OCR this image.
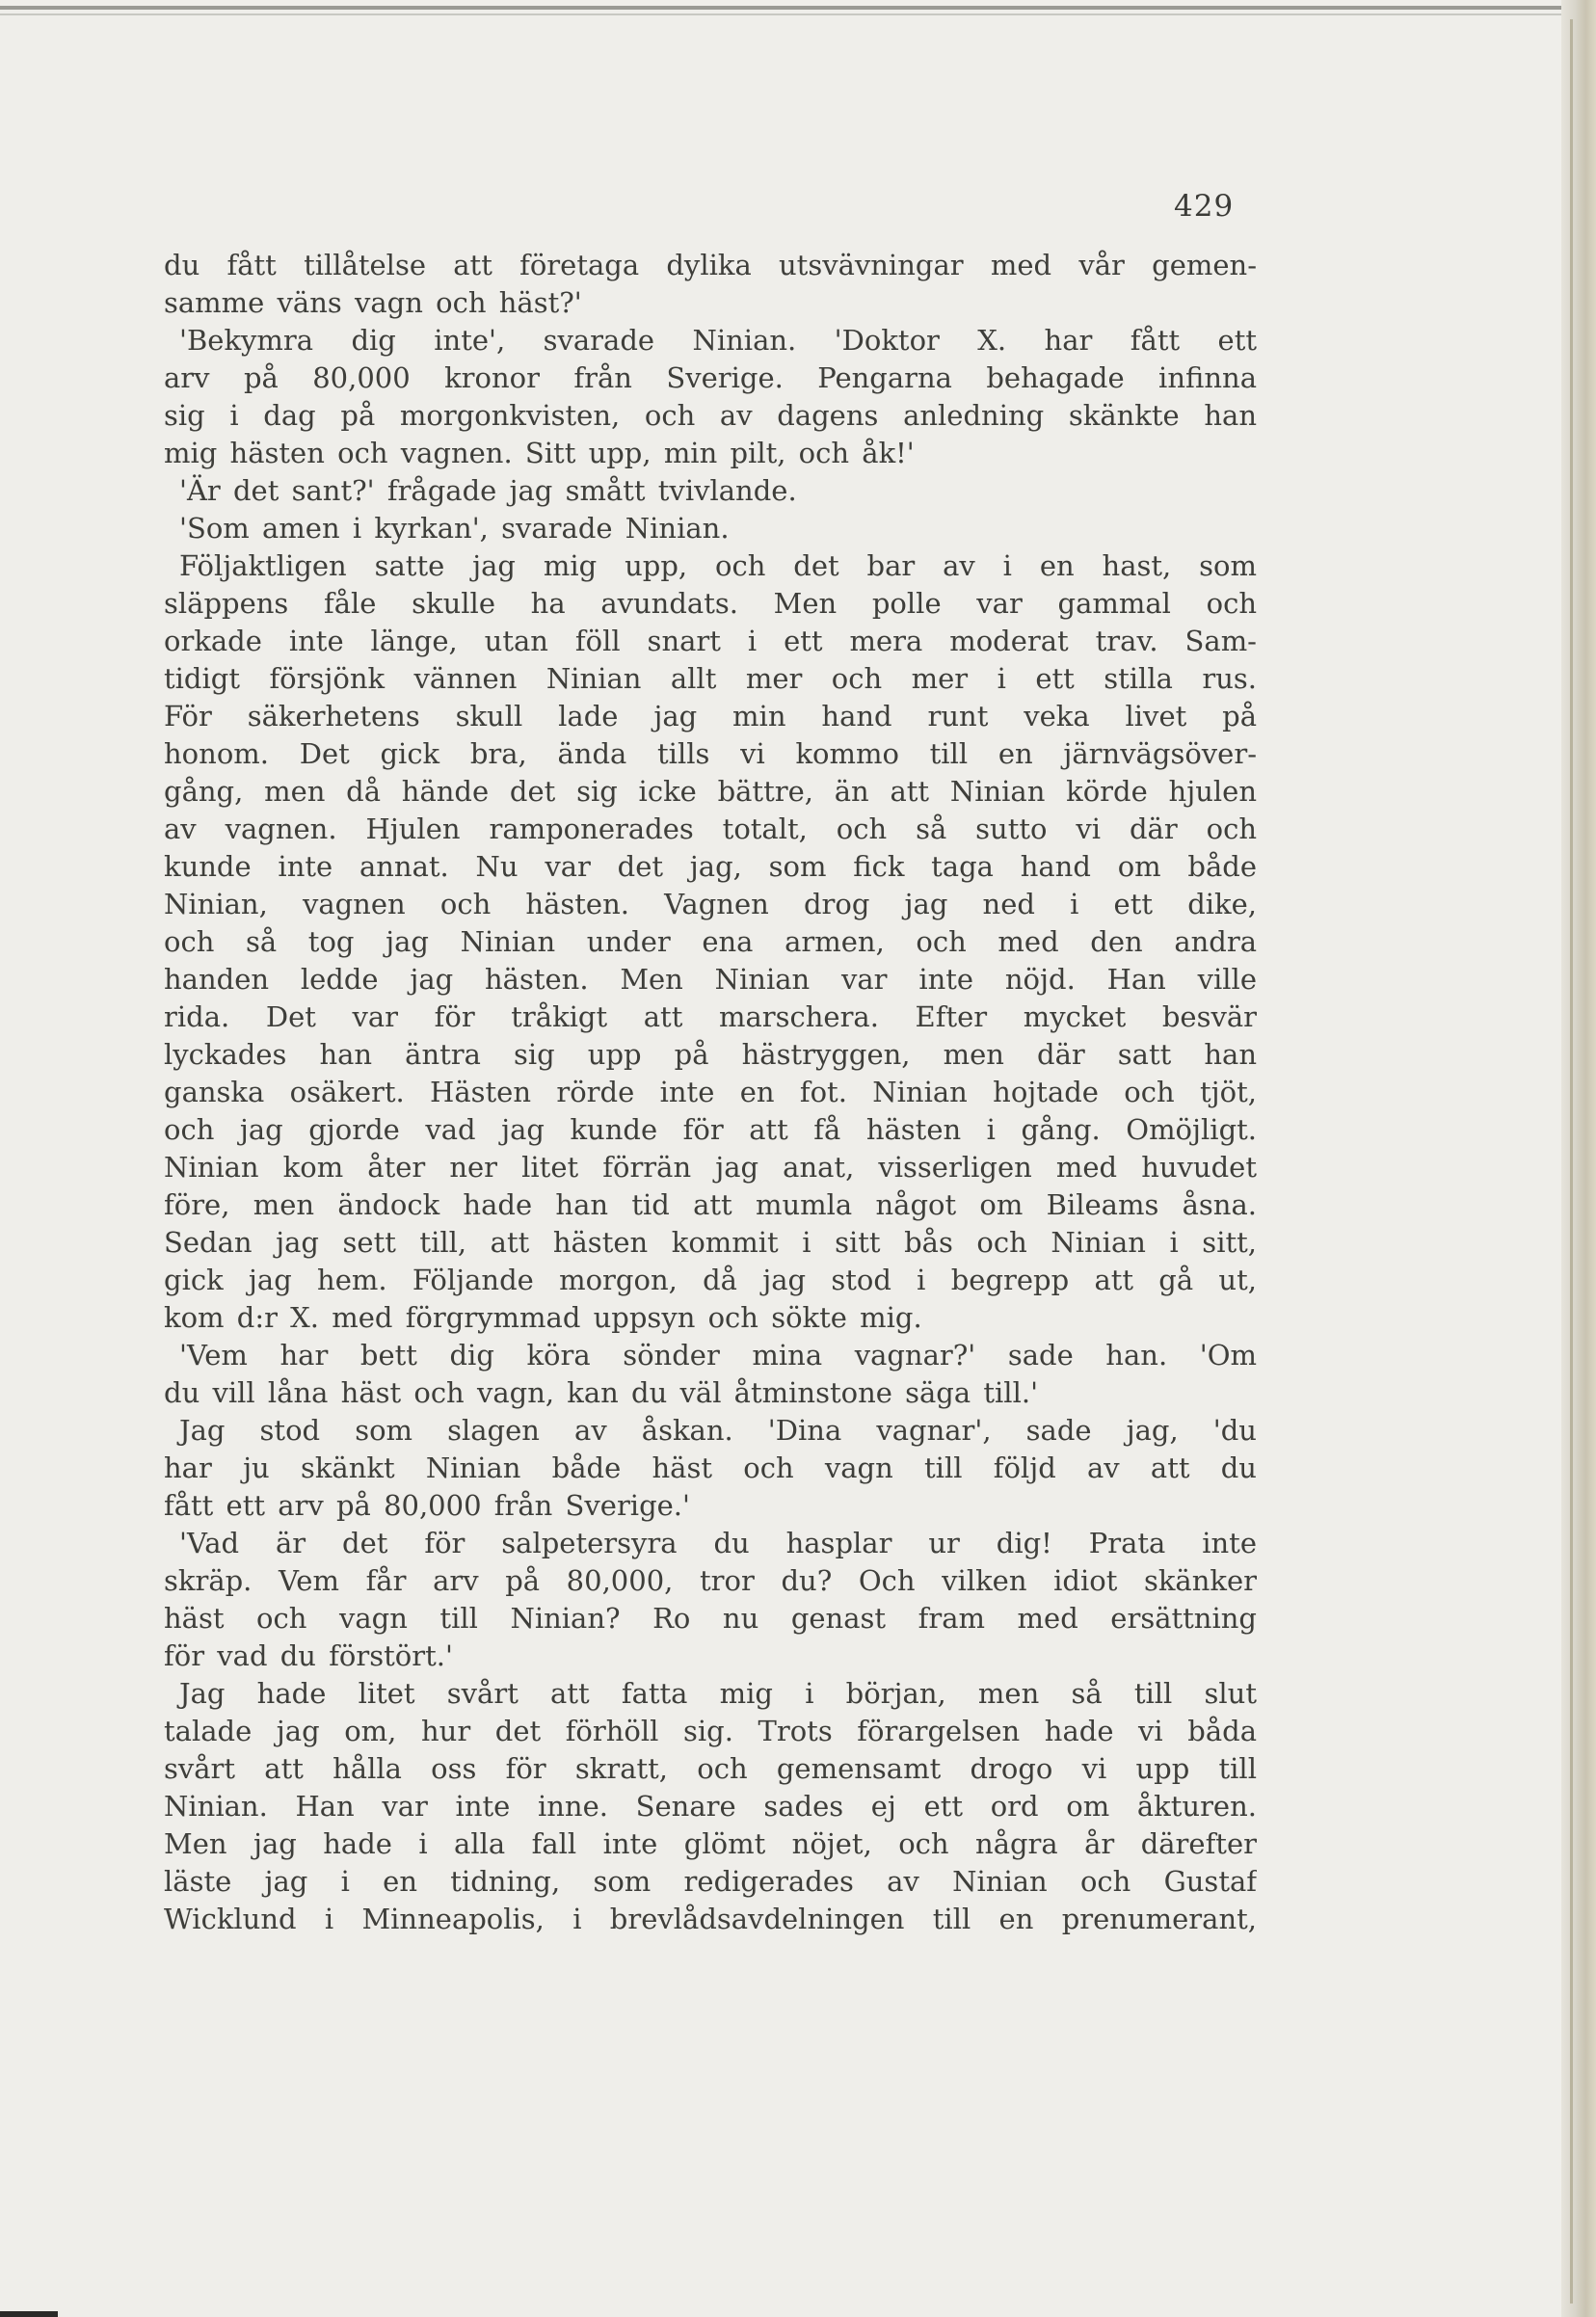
429
du fått tillåtelse att företaga dylika utsvävningar med vår gemen-
samme väns vagn och häst?'
'Bekymra dig inte', svarade Ninian. 'Doktor X. har fått ett
arv på 80,000 kronor från Sverige. Pengarna behagade infinna
sig i dag på morgonkvisten, och av dagens anledning skänkte han
mig hästen och vagnen. Sitt upp, min pilt, och åk!'
'Är det sant?' frågade jag smått tvivlande.
'Som amen i kyrkan', svarade Ninian.
Följaktligen satte jag mig upp, och det bar av i en hast, som
släppens fåle skulle ha avundats. Men polle var gammal och
orkade inte länge, utan föll snart i ett mera moderat trav. Sam-
tidigt försjönk vännen Ninian allt mer och mer i ett stilla rus.
För säkerhetens skull lade jag min hand runt veka livet på
honom. Det gick bra, ända tills vi kommo till en järnvägsöver-
gång, men då hände det sig icke bättre, än att Ninian körde hjulen
av vagnen. Hjulen ramponerades totalt, och så sutto vi där och
kunde inte annat. Nu var det jag, som fick taga hand om både
Ninian, vagnen och hästen. Vagnen drog jag ned i ett dike,
och så tog jag Ninian under ena armen, och med den andra
handen ledde jag hästen. Men Ninian var inte nöjd. Han ville
rida. Det var för tråkigt att marschera. Efter mycket besvär
lyckades han äntra sig upp på hästryggen, men där satt han
ganska osäkert. Hästen rörde inte en fot. Ninian hojtade och tjöt,
och jag gjorde vad jag kunde för att få hästen i gång. Omöjligt.
Ninian kom åter ner litet förrän jag anat, visserligen med huvudet
före, men ändock hade han tid att mumla något om Bileams åsna.
Sedan jag sett till, att hästen kommit i sitt bås och Ninian i sitt,
gick jag hem. Följande morgon, då jag stod i begrepp att gå ut,
kom d:r X. med förgrymmad uppsyn och sökte mig.
'Vem har bett dig köra sönder mina vagnar?' sade han. 'Om
du vill låna häst och vagn, kan du väl åtminstone säga till.'
Jag stod som slagen av åskan. 'Dina vagnar', sade jag, 'du
har ju skänkt Ninian både häst och vagn till följd av att du
fått ett arv på 80,000 från Sverige.'
'Vad är det för salpetersyra du hasplar ur dig! Prata inte
skräp. Vem får arv på 80,000, tror du? Och vilken idiot skänker
häst och vagn till Ninian? Ro nu genast fram med ersättning
för vad du förstört.'
Jag hade litet svårt att fatta mig i början, men så till slut
talade jag om, hur det förhöll sig. Trots förargelsen hade vi båda
svårt att hålla oss för skratt, och gemensamt drogo vi upp till
Ninian. Han var inte inne. Senare sades ej ett ord om åkturen.
Men jag hade i alla fall inte glömt nöjet, och några år därefter
läste jag i en tidning, som redigerades av Ninian och Gustaf
Wicklund i Minneapolis, i brevlådsavdelningen till en prenumerant,
